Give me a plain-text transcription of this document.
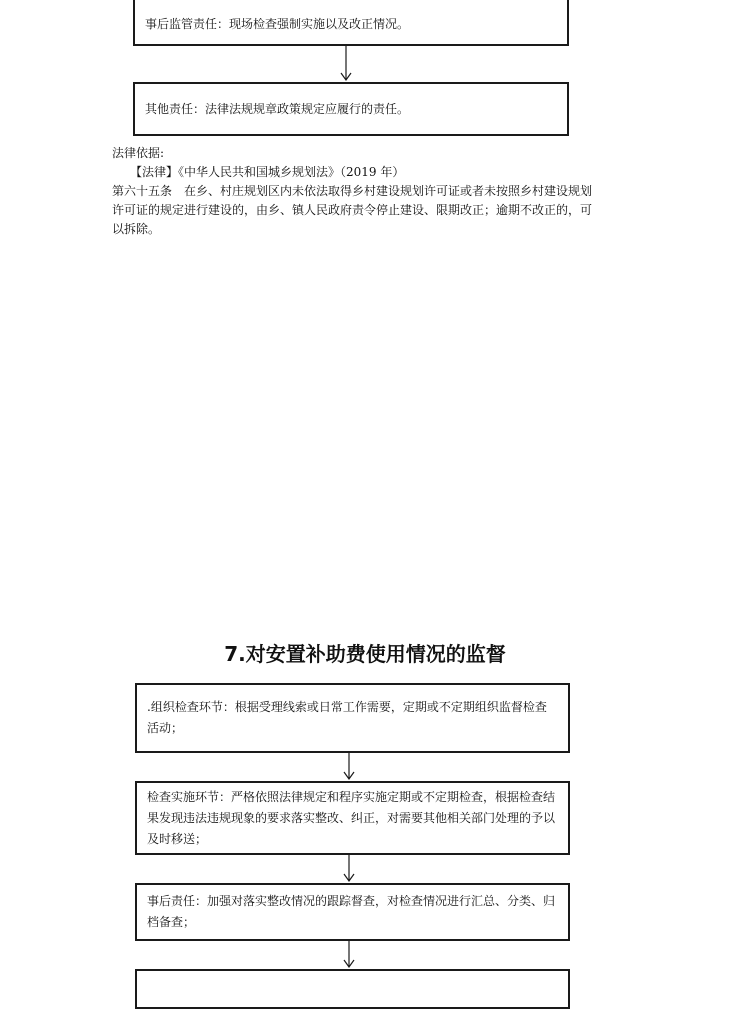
事后监管责任：现场检查强制实施以及改正情况。
其他责任：法律法规规章政策规定应履行的责任。
法律依据:
【法律】《中华人民共和国城乡规划法》（2019 年）
第六十五条　在乡、村庄规划区内未依法取得乡村建设规划许可证或者未按照乡村建设规划
许可证的规定进行建设的，由乡、镇人民政府责令停止建设、限期改正；逾期不改正的，可
以拆除。
7.对安置补助费使用情况的监督
.组织检查环节：根据受理线索或日常工作需要，定期或不定期组织监督检查活动；
检查实施环节：严格依照法律规定和程序实施定期或不定期检查，根据检查结果发现违法违规现象的要求落实整改、纠正，对需要其他相关部门处理的予以及时移送；
事后责任：加强对落实整改情况的跟踪督查，对检查情况进行汇总、分类、归档备查；
